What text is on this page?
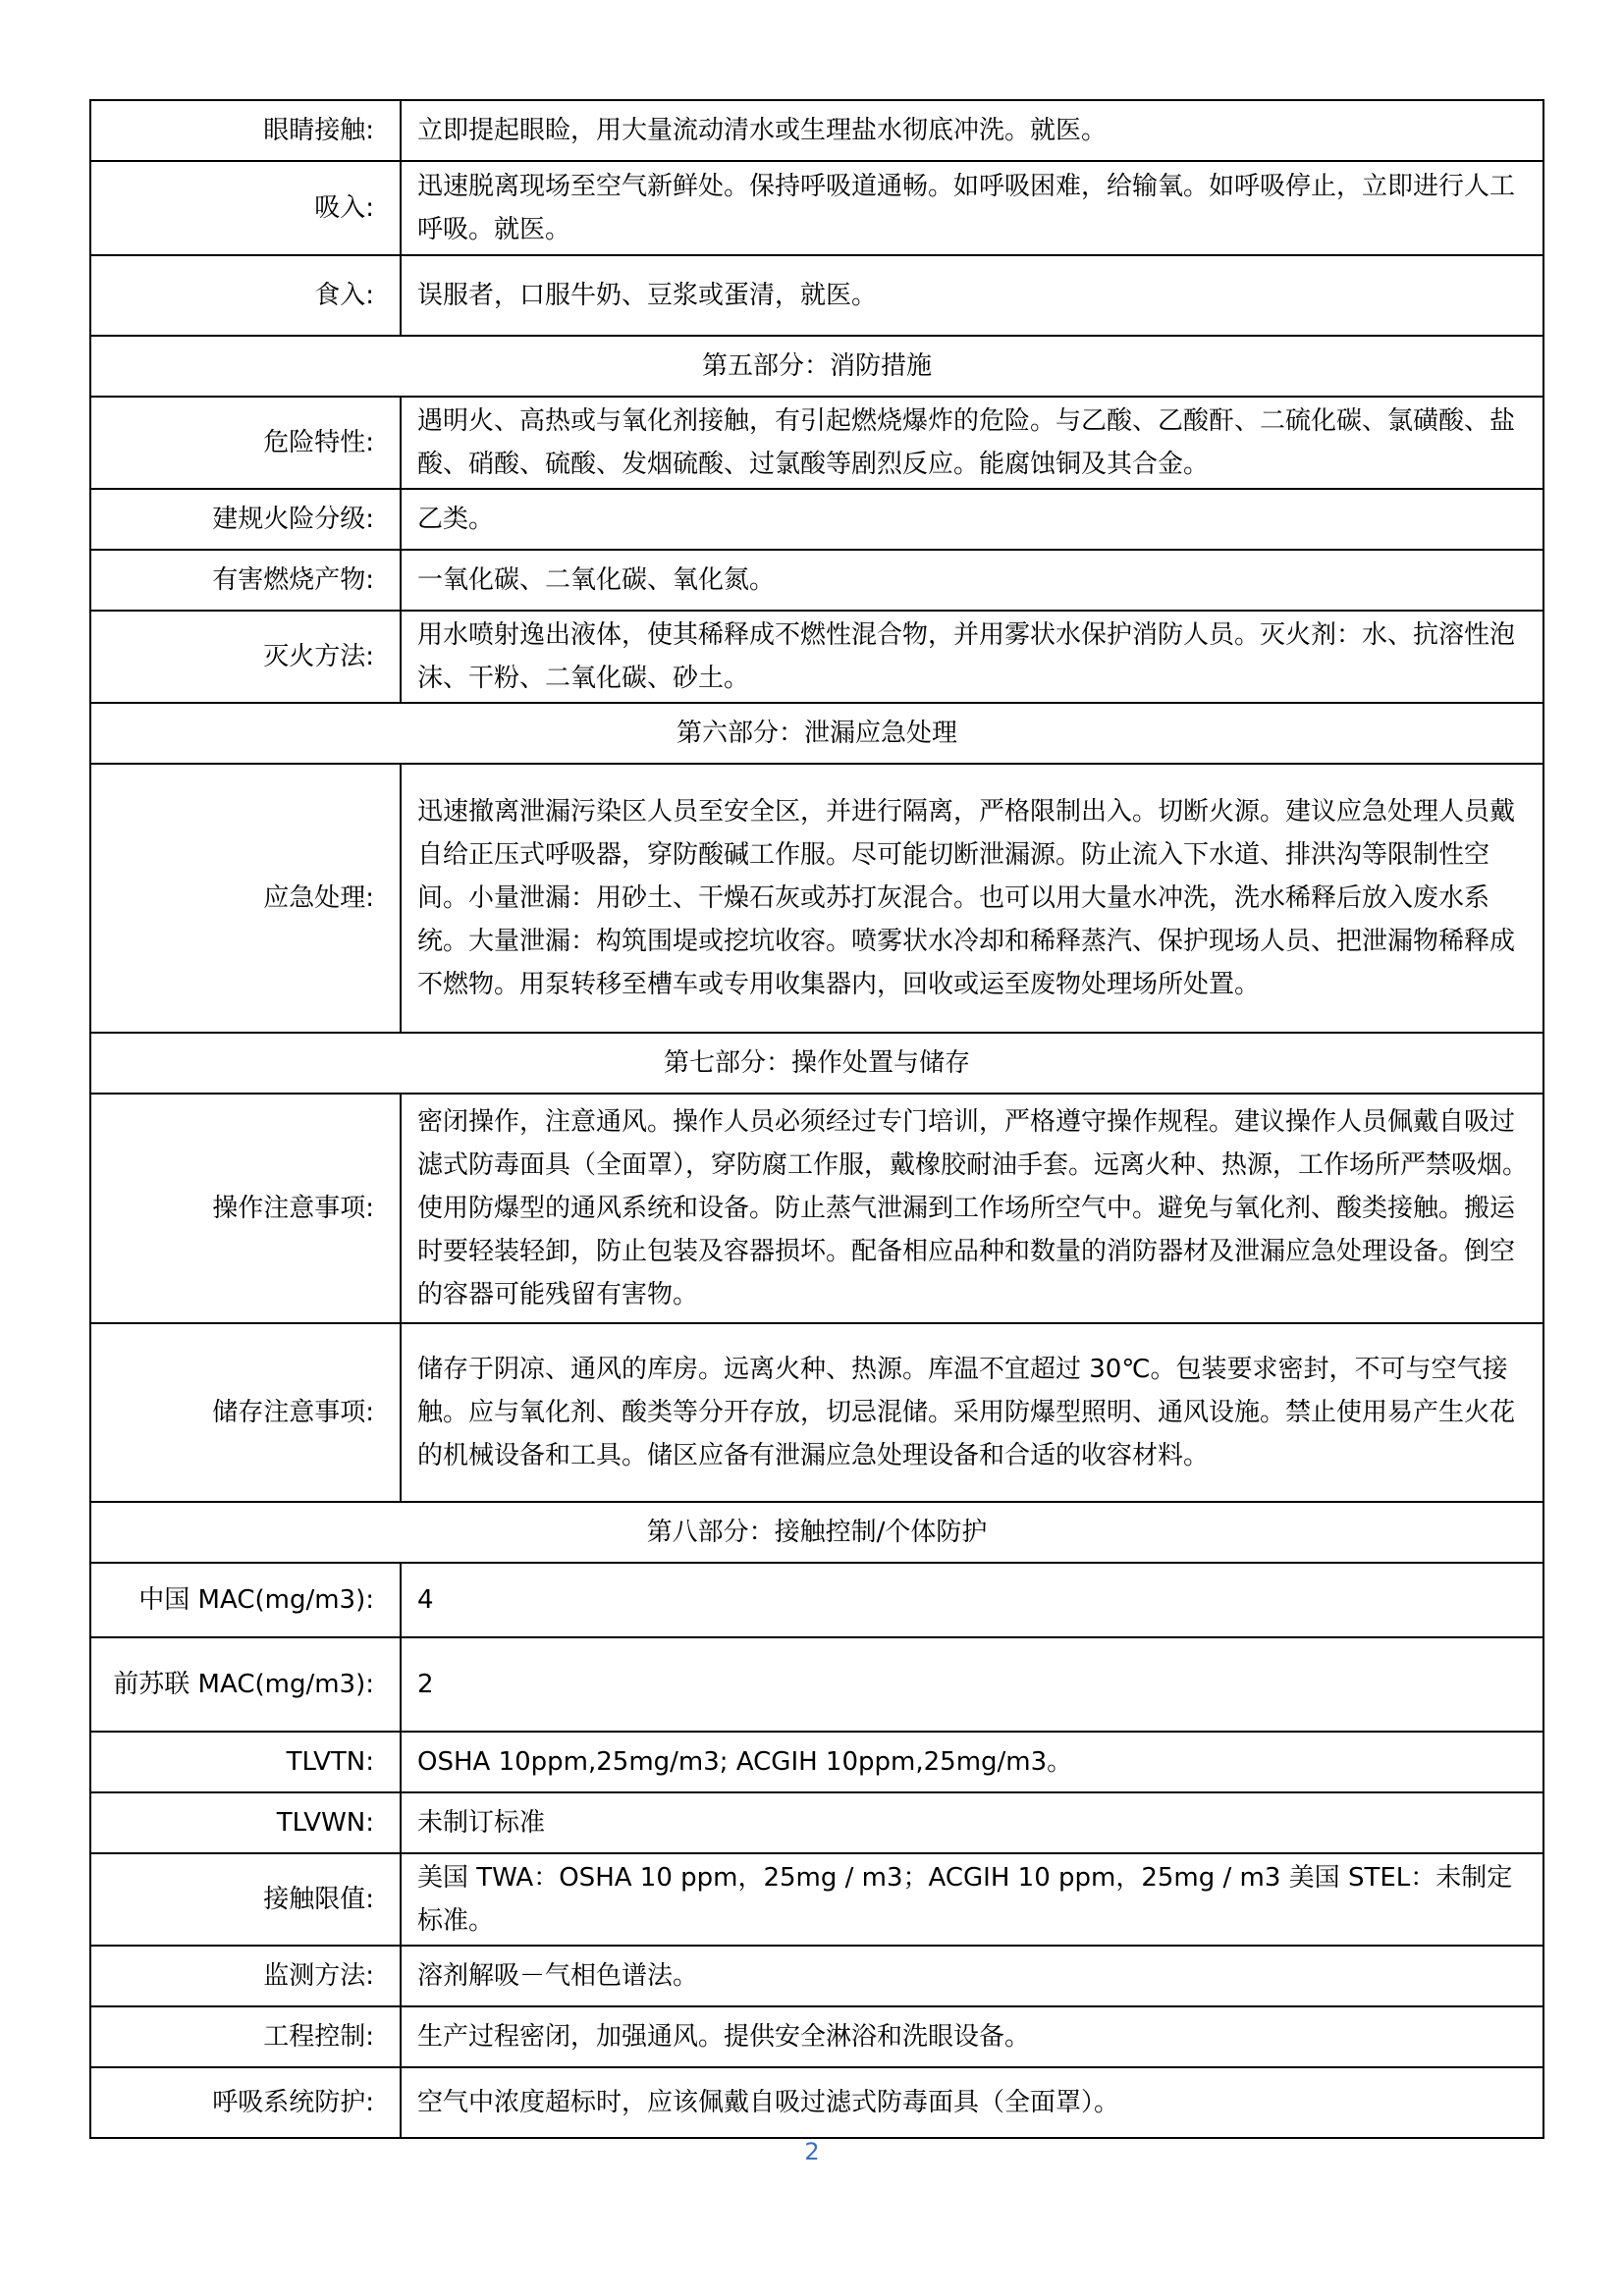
眼睛接触:	立即提起眼睑，用大量流动清水或生理盐水彻底冲洗。就医。
吸入:	迅速脱离现场至空气新鲜处。保持呼吸道通畅。如呼吸困难，给输氧。如呼吸停止，立即进行人工呼吸。就医。
食入:	误服者，口服牛奶、豆浆或蛋清，就医。
第五部分：消防措施	
危险特性:	遇明火、高热或与氧化剂接触，有引起燃烧爆炸的危险。与乙酸、乙酸酐、二硫化碳、氯磺酸、盐酸、硝酸、硫酸、发烟硫酸、过氯酸等剧烈反应。能腐蚀铜及其合金。
建规火险分级:	乙类。
有害燃烧产物:	一氧化碳、二氧化碳、氧化氮。
灭火方法:	用水喷射逸出液体，使其稀释成不燃性混合物，并用雾状水保护消防人员。灭火剂：水、抗溶性泡沫、干粉、二氧化碳、砂土。
第六部分：泄漏应急处理	
应急处理:	迅速撤离泄漏污染区人员至安全区，并进行隔离，严格限制出入。切断火源。建议应急处理人员戴自给正压式呼吸器，穿防酸碱工作服。尽可能切断泄漏源。防止流入下水道、排洪沟等限制性空间。小量泄漏：用砂土、干燥石灰或苏打灰混合。也可以用大量水冲洗，洗水稀释后放入废水系统。大量泄漏：构筑围堤或挖坑收容。喷雾状水冷却和稀释蒸汽、保护现场人员、把泄漏物稀释成不燃物。用泵转移至槽车或专用收集器内，回收或运至废物处理场所处置。
第七部分：操作处置与储存	
操作注意事项:	密闭操作，注意通风。操作人员必须经过专门培训，严格遵守操作规程。建议操作人员佩戴自吸过滤式防毒面具（全面罩），穿防腐工作服，戴橡胶耐油手套。远离火种、热源，工作场所严禁吸烟。使用防爆型的通风系统和设备。防止蒸气泄漏到工作场所空气中。避免与氧化剂、酸类接触。搬运时要轻装轻卸，防止包装及容器损坏。配备相应品种和数量的消防器材及泄漏应急处理设备。倒空的容器可能残留有害物。
储存注意事项:	储存于阴凉、通风的库房。远离火种、热源。库温不宜超过 30℃。包装要求密封，不可与空气接触。应与氧化剂、酸类等分开存放，切忌混储。采用防爆型照明、通风设施。禁止使用易产生火花的机械设备和工具。储区应备有泄漏应急处理设备和合适的收容材料。
第八部分：接触控制/个体防护	
中国 MAC(mg/m3):	4
前苏联 MAC(mg/m3):	2
TLVTN:	OSHA 10ppm,25mg/m3; ACGIH 10ppm,25mg/m3。
TLVWN:	未制订标准
接触限值:	美国 TWA：OSHA 10 ppm，25mg / m3；ACGIH 10 ppm，25mg / m3 美国 STEL：未制定标准。
监测方法:	溶剂解吸－气相色谱法。
工程控制:	生产过程密闭，加强通风。提供安全淋浴和洗眼设备。
呼吸系统防护:	空气中浓度超标时，应该佩戴自吸过滤式防毒面具（全面罩）。
2
